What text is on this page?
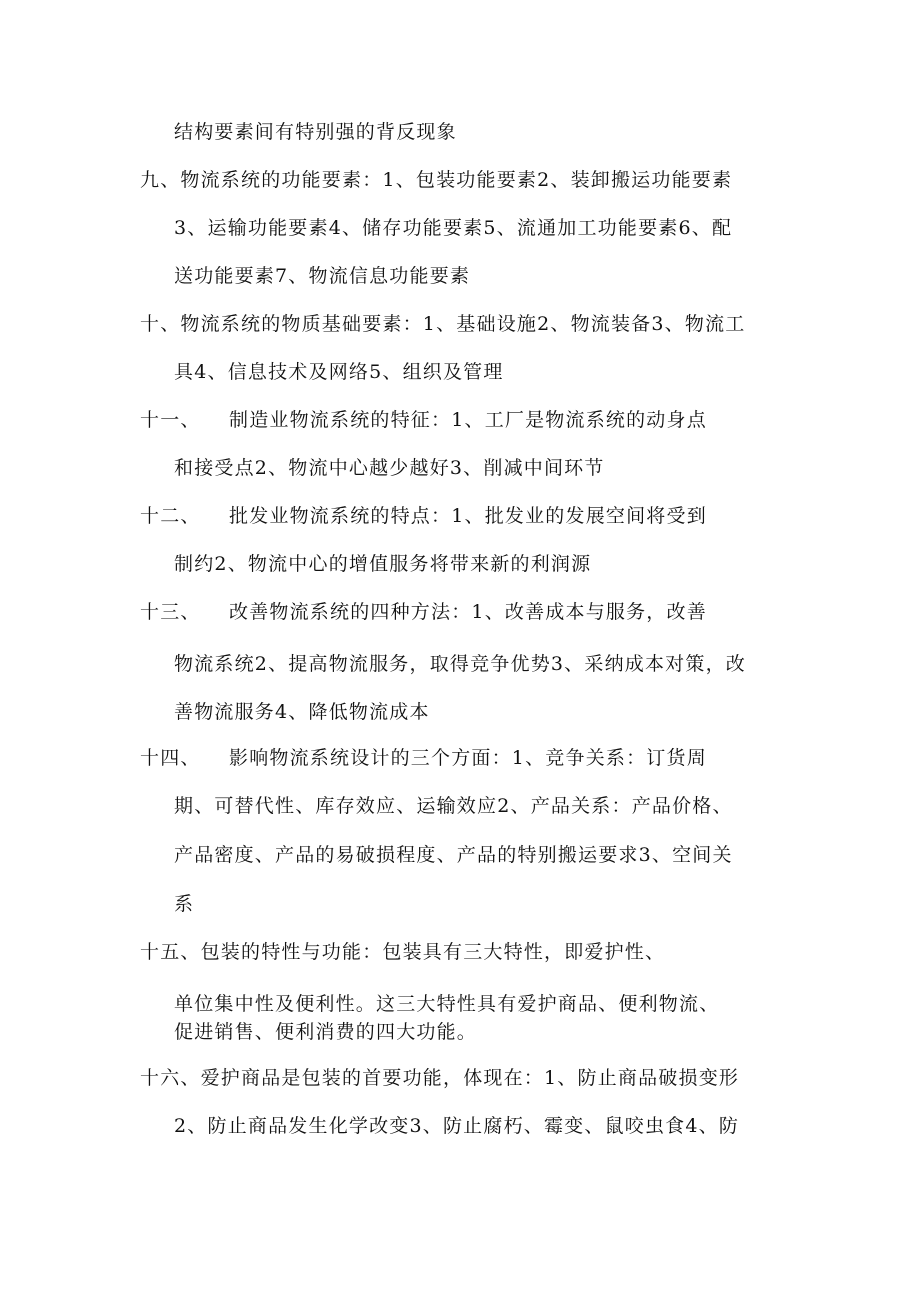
结构要素间有特别强的背反现象
九、物流系统的功能要素：1、包装功能要素2、装卸搬运功能要素
3、运输功能要素4、储存功能要素5、流通加工功能要素6、配
送功能要素7、物流信息功能要素
十、物流系统的物质基础要素：1、基础设施2、物流装备3、物流工
具4、信息技术及网络5、组织及管理
十一、 制造业物流系统的特征：1、工厂是物流系统的动身点
和接受点2、物流中心越少越好3、削减中间环节
十二、 批发业物流系统的特点：1、批发业的发展空间将受到
制约2、物流中心的增值服务将带来新的利润源
十三、 改善物流系统的四种方法：1、改善成本与服务，改善
物流系统2、提高物流服务，取得竞争优势3、采纳成本对策，改
善物流服务4、降低物流成本
十四、 影响物流系统设计的三个方面：1、竞争关系：订货周
期、可替代性、库存效应、运输效应2、产品关系：产品价格、
产品密度、产品的易破损程度、产品的特别搬运要求3、空间关
系
十五、包装的特性与功能：包装具有三大特性，即爱护性、
单位集中性及便利性。这三大特性具有爱护商品、便利物流、
促进销售、便利消费的四大功能。
十六、爱护商品是包装的首要功能，体现在：1、防止商品破损变形
2、防止商品发生化学改变3、防止腐朽、霉变、鼠咬虫食4、防
